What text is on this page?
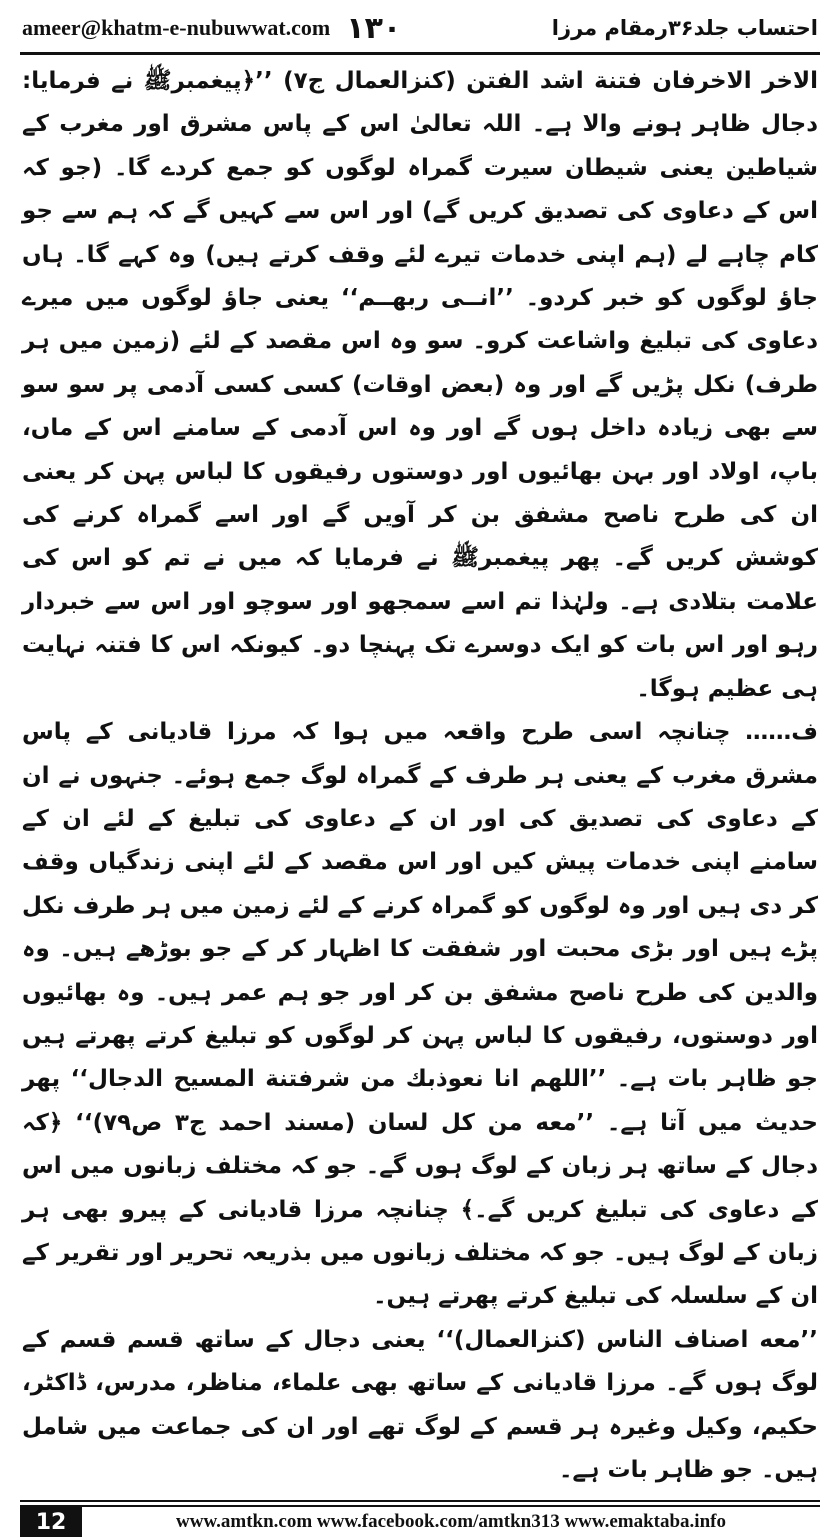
ameer@khatm-e-nubuwwat.com ۱۳۰	احتساب جلد۳۶رمقام مرزا

الاخر الاخرفان فتنة اشد الفتن (کنزالعمال ج۷) ’’﴿پیغمبرﷺ نے فرمایا: دجال ظاہر ہونے والا ہے۔ اللہ تعالیٰ اس کے پاس مشرق اور مغرب کے شیاطین یعنی شیطان سیرت گمراہ لوگوں کو جمع کردے گا۔ (جو کہ اس کے دعاوی کی تصدیق کریں گے) اور اس سے کہیں گے کہ ہم سے جو کام چاہے لے (ہم اپنی خدمات تیرے لئے وقف کرتے ہیں) وہ کہے گا۔ ہاں جاؤ لوگوں کو خبر کردو۔ ’’انــی ربهــم‘‘ یعنی جاؤ لوگوں میں میرے دعاوی کی تبلیغ واشاعت کرو۔ سو وہ اس مقصد کے لئے (زمین میں ہر طرف) نکل پڑیں گے اور وہ (بعض اوقات) کسی کسی آدمی پر سو سو سے بھی زیادہ داخل ہوں گے اور وہ اس آدمی کے سامنے اس کے ماں، باپ، اولاد اور بہن بھائیوں اور دوستوں رفیقوں کا لباس پہن کر یعنی ان کی طرح ناصح مشفق بن کر آویں گے اور اسے گمراہ کرنے کی کوشش کریں گے۔ پھر پیغمبرﷺ نے فرمایا کہ میں نے تم کو اس کی علامت بتلادی ہے۔ ولہٰذا تم اسے سمجھو اور سوچو اور اس سے خبردار رہو اور اس بات کو ایک دوسرے تک پہنچا دو۔ کیونکہ اس کا فتنہ نہایت ہی عظیم ہوگا۔

ف…… چنانچہ اسی طرح واقعہ میں ہوا کہ مرزا قادیانی کے پاس مشرق مغرب کے یعنی ہر طرف کے گمراہ لوگ جمع ہوئے۔ جنہوں نے ان کے دعاوی کی تصدیق کی اور ان کے دعاوی کی تبلیغ کے لئے ان کے سامنے اپنی خدمات پیش کیں اور اس مقصد کے لئے اپنی زندگیاں وقف کر دی ہیں اور وہ لوگوں کو گمراہ کرنے کے لئے زمین میں ہر طرف نکل پڑے ہیں اور بڑی محبت اور شفقت کا اظہار کر کے جو بوڑھے ہیں۔ وہ والدین کی طرح ناصح مشفق بن کر اور جو ہم عمر ہیں۔ وہ بھائیوں اور دوستوں، رفیقوں کا لباس پہن کر لوگوں کو تبلیغ کرتے پھرتے ہیں جو ظاہر بات ہے۔ ’’اللهم انا نعوذبك من شرفتنة المسيح الدجال‘‘ پھر حدیث میں آتا ہے۔ ’’معه من كل لسان (مسند احمد ج۳ ص۷۹)‘‘ ﴿کہ دجال کے ساتھ ہر زبان کے لوگ ہوں گے۔ جو کہ مختلف زبانوں میں اس کے دعاوی کی تبلیغ کریں گے۔﴾ چنانچہ مرزا قادیانی کے پیرو بھی ہر زبان کے لوگ ہیں۔ جو کہ مختلف زبانوں میں بذریعہ تحریر اور تقریر کے ان کے سلسلہ کی تبلیغ کرتے پھرتے ہیں۔

’’معه اصناف الناس (كنزالعمال)‘‘ یعنی دجال کے ساتھ قسم قسم کے لوگ ہوں گے۔ مرزا قادیانی کے ساتھ بھی علماء، مناظر، مدرس، ڈاکٹر، حکیم، وکیل وغیرہ ہر قسم کے لوگ تھے اور ان کی جماعت میں شامل ہیں۔ جو ظاہر بات ہے۔

12	www.amtkn.com www.facebook.com/amtkn313 www.emaktaba.info
